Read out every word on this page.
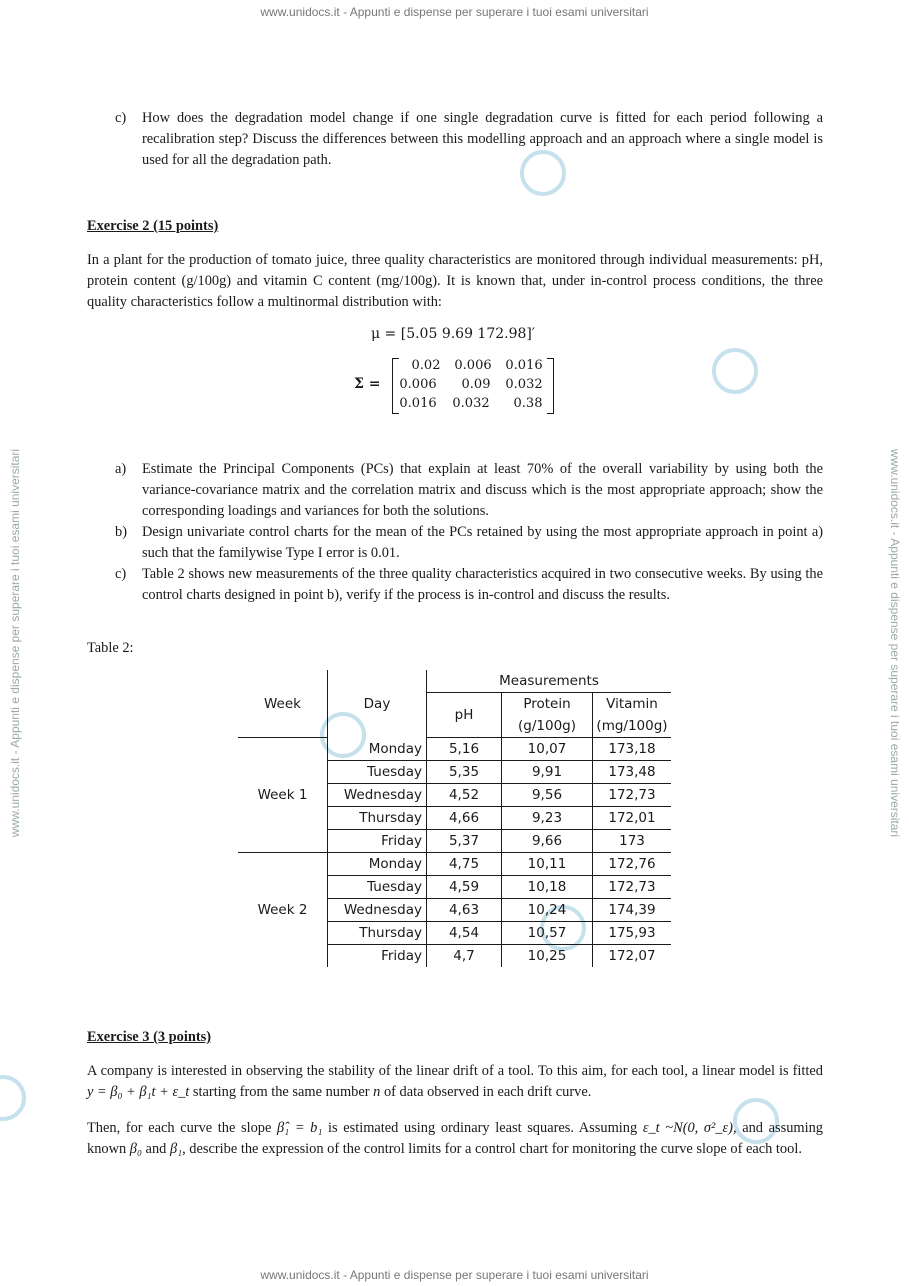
www.unidocs.it - Appunti e dispense per superare i tuoi esami universitari
www.unidocs.it - Appunti e dispense per superare i tuoi esami universitari	www.unidocs.it - Appunti e dispense per superare i tuoi esami universitari
c) How does the degradation model change if one single degradation curve is fitted for each period following a recalibration step? Discuss the differences between this modelling approach and an approach where a single model is used for all the degradation path.
Exercise 2 (15 points)
In a plant for the production of tomato juice, three quality characteristics are monitored through individual measurements: pH, protein content (g/100g) and vitamin C content (mg/100g). It is known that, under in-control process conditions, the three quality characteristics follow a multinormal distribution with:
μ = [5.05 9.69 172.98]′
Σ =
0.02	0.006	0.016
0.006	0.09	0.032
0.016	0.032	0.38
a) Estimate the Principal Components (PCs) that explain at least 70% of the overall variability by using both the variance-covariance matrix and the correlation matrix and discuss which is the most appropriate approach; show the corresponding loadings and variances for both the solutions.
b) Design univariate control charts for the mean of the PCs retained by using the most appropriate approach in point a) such that the familywise Type I error is 0.01.
c) Table 2 shows new measurements of the three quality characteristics acquired in two consecutive weeks. By using the control charts designed in point b), verify if the process is in-control and discuss the results.
Table 2:
Week	Day	Measurements		
		pH	Protein	Vitamin
			(g/100g)	(mg/100g)
Week 1	Monday	5,16	10,07	173,18
	Tuesday	5,35	9,91	173,48
	Wednesday	4,52	9,56	172,73
	Thursday	4,66	9,23	172,01
	Friday	5,37	9,66	173
Week 2	Monday	4,75	10,11	172,76
	Tuesday	4,59	10,18	172,73
	Wednesday	4,63	10,24	174,39
	Thursday	4,54	10,57	175,93
	Friday	4,7	10,25	172,07
Exercise 3 (3 points)
A company is interested in observing the stability of the linear drift of a tool. To this aim, for each tool, a linear model is fitted y = β₀ + β₁t + ε_t starting from the same number n of data observed in each drift curve.
Then, for each curve the slope β̂₁ = b₁ is estimated using ordinary least squares. Assuming ε_t ~N(0, σ²_ε), and assuming known β₀ and β₁, describe the expression of the control limits for a control chart for monitoring the curve slope of each tool.
www.unidocs.it - Appunti e dispense per superare i tuoi esami universitari
